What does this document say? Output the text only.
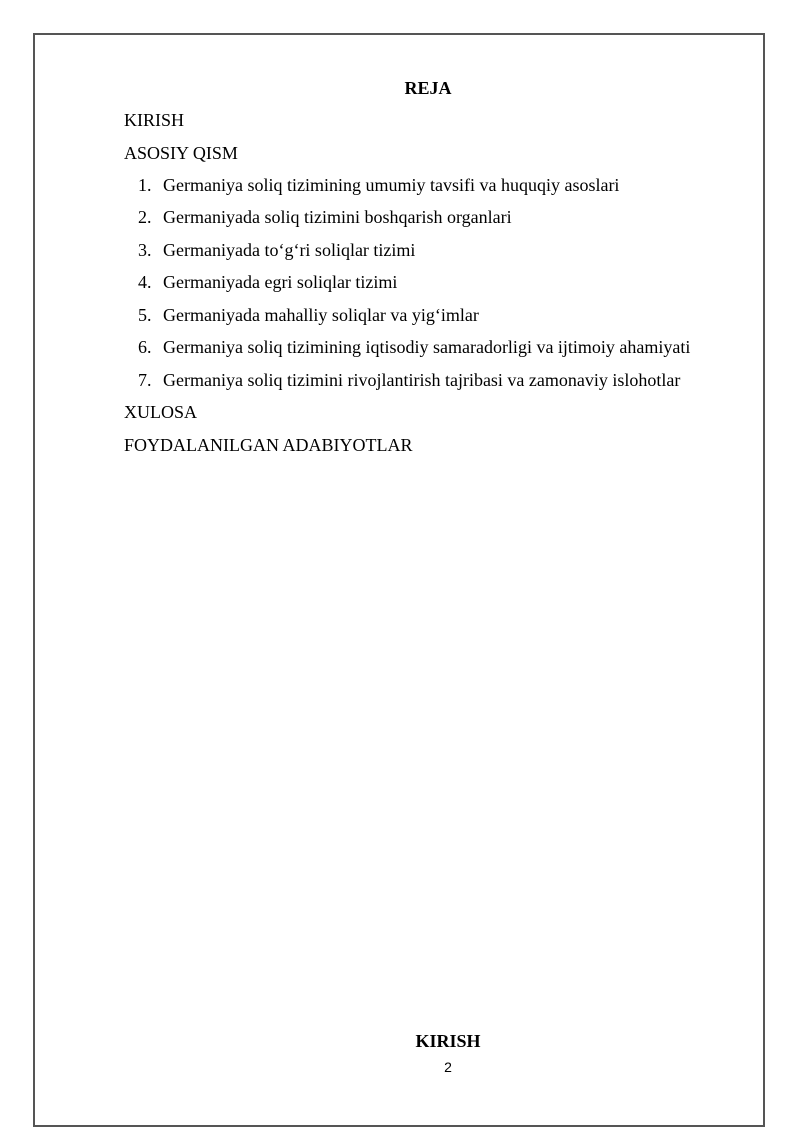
REJA
KIRISH
ASOSIY QISM
1. Germaniya soliq tizimining umumiy tavsifi va huquqiy asoslari
2. Germaniyada soliq tizimini boshqarish organlari
3. Germaniyada to‘g‘ri soliqlar tizimi
4. Germaniyada egri soliqlar tizimi
5. Germaniyada mahalliy soliqlar va yig‘imlar
6. Germaniya soliq tizimining iqtisodiy samaradorligi va ijtimoiy ahamiyati
7. Germaniya soliq tizimini rivojlantirish tajribasi va zamonaviy islohotlar
XULOSA
FOYDALANILGAN ADABIYOTLAR
KIRISH
2
